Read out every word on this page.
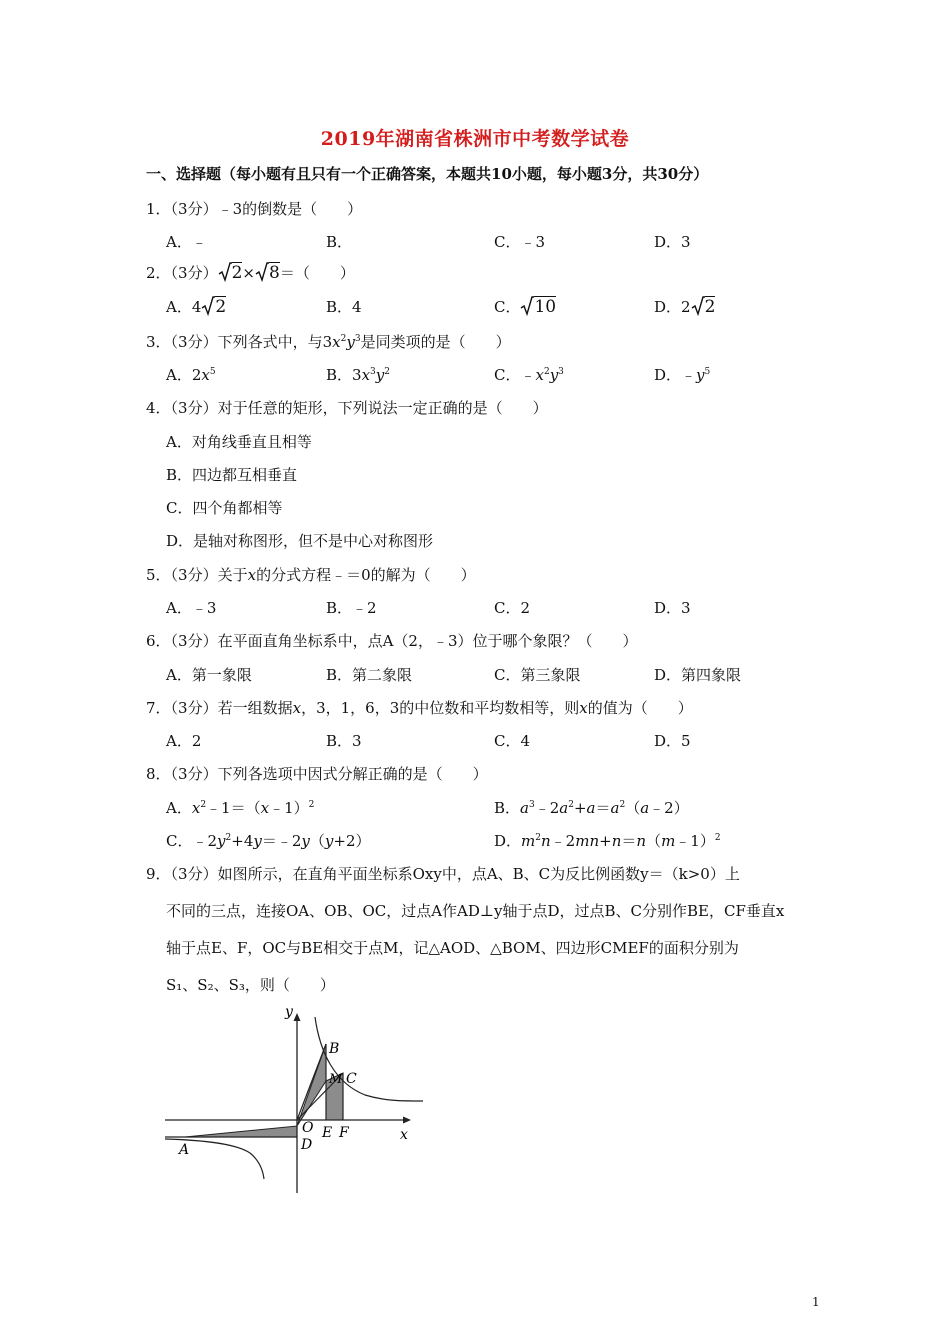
2019年湖南省株洲市中考数学试卷
一、选择题（每小题有且只有一个正确答案，本题共10小题，每小题3分，共30分）
1．（3分）﹣3的倒数是（　　）
A．﹣	B．	C．﹣3	D．3
2．（3分） 2× 8＝（　　）
A．4 2	B．4	C． 10	D．2 2
3．（3分）下列各式中，与$3x^2y^3$是同类项的是（　　）
A．$2x^5$	B．$3x^3y^2$	C．$﹣x^2y^3$	D．$﹣y^5$
4．（3分）对于任意的矩形，下列说法一定正确的是（　　）
A．对角线垂直且相等
B．四边都互相垂直
C．四个角都相等
D．是轴对称图形，但不是中心对称图形
5．（3分）关于x的分式方程﹣＝0的解为（　　）
A．﹣3	B．﹣2	C．2	D．3
6．（3分）在平面直角坐标系中，点A（2，﹣3）位于哪个象限？（　　）
A．第一象限	B．第二象限	C．第三象限	D．第四象限
7．（3分）若一组数据x，3，1，6，3的中位数和平均数相等，则x的值为（　　）
A．2	B．3	C．4	D．5
8．（3分）下列各选项中因式分解正确的是（　　）
A．$x^2﹣1=(x﹣1)^2$	B．$a^3﹣2a^2+a=a^2(a﹣2)$
C．$﹣2y^2+4y=﹣2y(y+2)$	D．$m^2n﹣2mn+n=n(m﹣1)^2$
9．（3分）如图所示，在直角平面坐标系Oxy中，点A、B、C为反比例函数y＝（k>0）上
不同的三点，连接OA、OB、OC，过点A作AD⊥y轴于点D，过点B、C分别作BE，CF垂直x
轴于点E、F，OC与BE相交于点M，记△AOD、△BOM、四边形CMEF的面积分别为
S₁、S₂、S₃，则（　　）
y
x
O
D
A
B
C
M
E F
1
